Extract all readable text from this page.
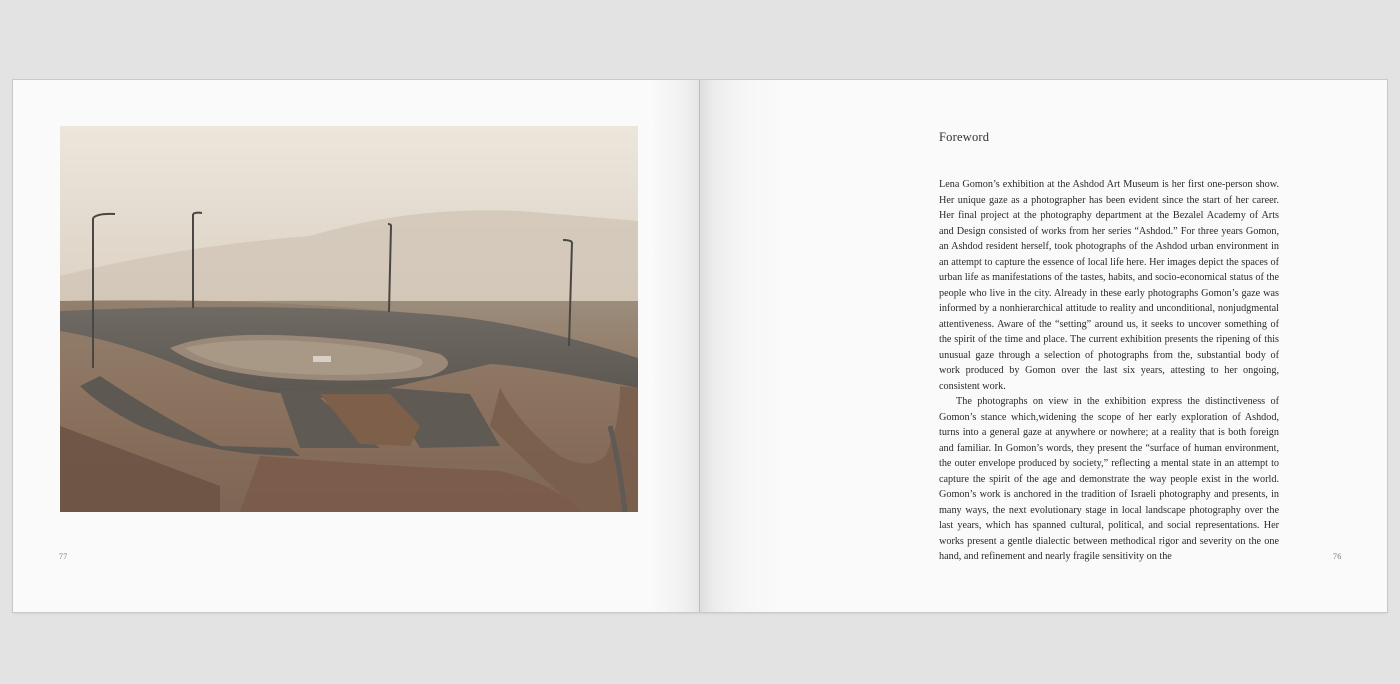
77
Foreword

Lena Gomon’s exhibition at the Ashdod Art Museum is her first one-person show. Her unique gaze as a photographer has been evident since the start of her career. Her final project at the photography department at the Bezalel Academy of Arts and Design consisted of works from her series “Ashdod.” For three years Gomon, an Ashdod resident herself, took photographs of the Ashdod urban environment in an attempt to capture the essence of local life here. Her images depict the spaces of urban life as manifestations of the tastes, habits, and socio-economical status of the people who live in the city. Already in these early photographs Gomon’s gaze was informed by a nonhierarchical attitude to reality and unconditional, nonjudgmental attentiveness. Aware of the “setting” around us, it seeks to uncover something of the spirit of the time and place. The current exhibition presents the ripening of this unusual gaze through a selection of photographs from the, substantial body of work produced by Gomon over the last six years, attesting to her ongoing, consistent work.

The photographs on view in the exhibition express the distinctiveness of Gomon’s stance which,widening the scope of her early exploration of Ashdod, turns into a general gaze at anywhere or nowhere; at a reality that is both foreign and familiar. In Gomon’s words, they present the “surface of human environment, the outer envelope produced by society,” reflecting a mental state in an attempt to capture the spirit of the age and demonstrate the way people exist in the world. Gomon’s work is anchored in the tradition of Israeli photography and presents, in many ways, the next evolutionary stage in local landscape photography over the last years, which has spanned cultural, political, and social representations. Her works present a gentle dialectic between methodical rigor and severity on the one hand, and refinement and nearly fragile sensitivity on the	76
